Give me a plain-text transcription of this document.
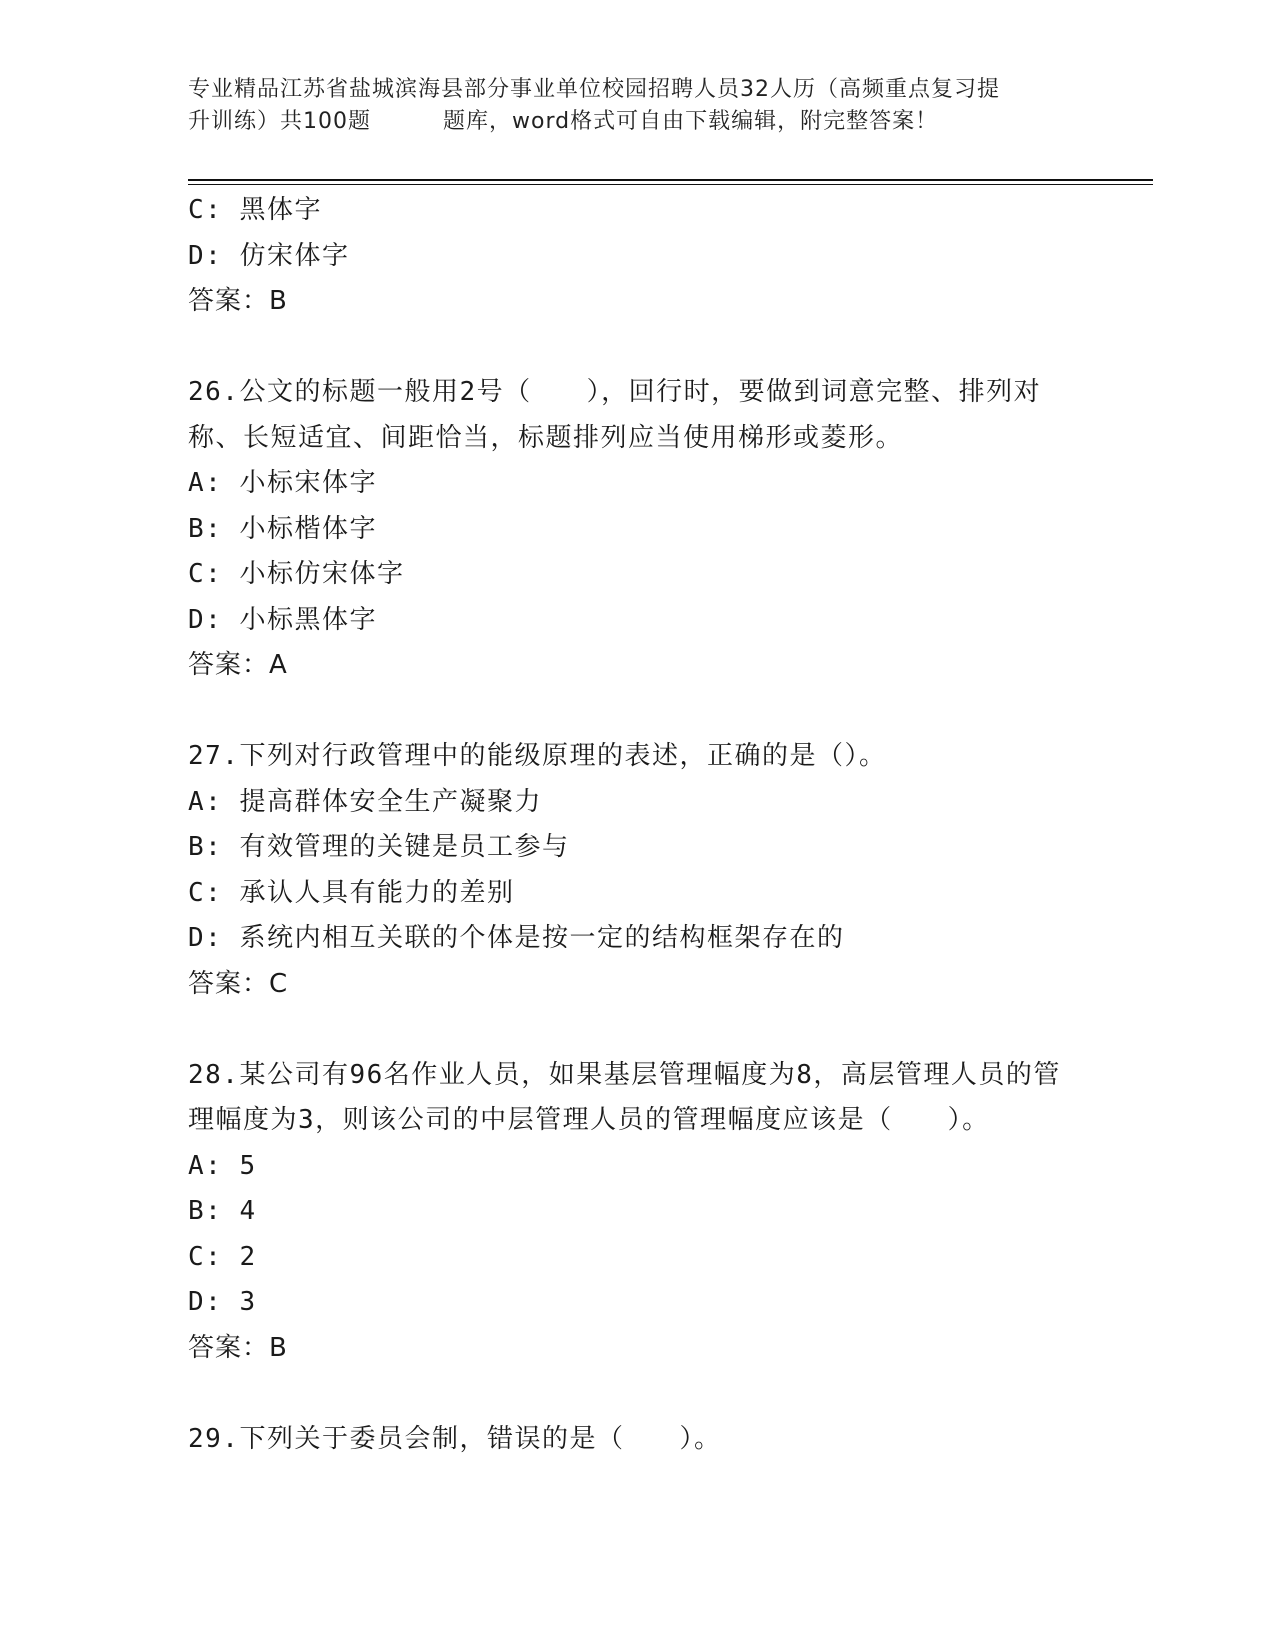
专业精品江苏省盐城滨海县部分事业单位校园招聘人员32人历（高频重点复习提
升训练）共100题	题库，word格式可自由下载编辑，附完整答案！
C: 黑体字
D: 仿宋体字
答案：B
26.公文的标题一般用2号（　　），回行时，要做到词意完整、排列对称、长短适宜、间距恰当，标题排列应当使用梯形或菱形。
A: 小标宋体字
B: 小标楷体字
C: 小标仿宋体字
D: 小标黑体字
答案：A
27.下列对行政管理中的能级原理的表述，正确的是（）。
A: 提高群体安全生产凝聚力
B: 有效管理的关键是员工参与
C: 承认人具有能力的差别
D: 系统内相互关联的个体是按一定的结构框架存在的
答案：C
28.某公司有96名作业人员，如果基层管理幅度为8，高层管理人员的管理幅度为3，则该公司的中层管理人员的管理幅度应该是（　　）。
A: 5
B: 4
C: 2
D: 3
答案：B
29.下列关于委员会制，错误的是（　　）。
